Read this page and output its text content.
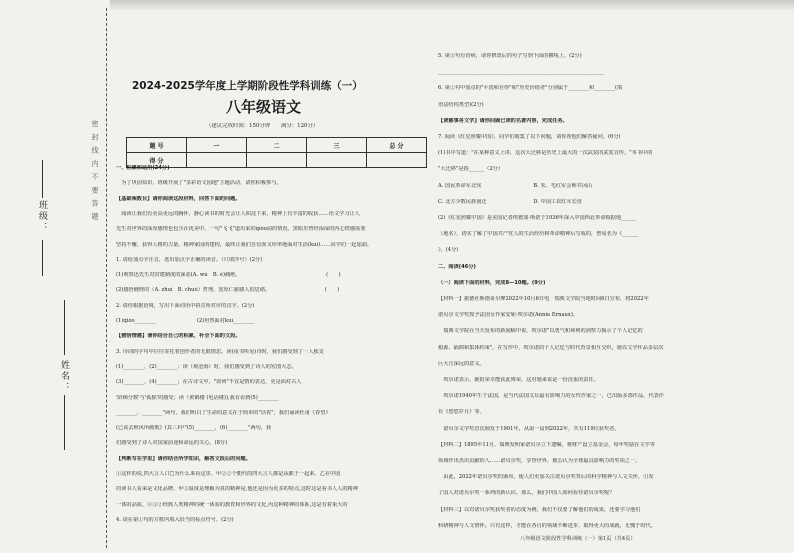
班级：
姓名：
密 封 线 内 不 要 答 题
2024-2025学年度上学期阶段性学科训练（一）
八年级语文
（建议完成时间：150分钟　　满分：120分）
题 号	一	二	三	总 分
得 分				
一、积累和运用(24分)
　为了巩固知识，班级开展了"多彩语文园地"主题活动，请你积极参与。
【基础乘数目】请你阅读这段材料，回答下面的问题。
　阅读让我们有更高更远的胸怀，静心读书的时光会让人积淀下来，精神上有丰富的收获……语文学习让人
先生对世界的深厚感情也包含在优美中。一句"飞飞"道出来的qióo前的情况。黑暗里曾经深深的内心情感需要
坚持不懈，获得人格的力量、精神家园的建构，最终让我们自信而又坦率地面对生活(kuì)……同学们一起加油。
1. 请给加点字注音，选出加点字正确的读音。（只填序号）(2分)
(1)观察迅先生对封建制度的深恶(A. wù　B. è)痛绝。　　　　　　　　　　　　　　　　　(　　)
(2)感悟缠绕的（A. zhuì　B. chuò）哲理，宽厚仁慈感人的思绪。　　　　　　　　　　　(　　)
2. 请你根据语境，写出下面词语中拼音所对应的汉字。(2分)
(1)qióo________　　　　　　　　(2)坦然面对kuì________
【感悟情感】请你结合自己的积累，补全下面的文段。
3. 诗词的字句中往往寄托着创作者的无限情思。读(夜书所见)诗时，我们感受到了一人独支
(1)________，(2)________；读（观沧海）时，我们感受到了诗人的宏图大志，
(3)________，(4)________；在古诗文中，"如何"不仅是情的表达，更是面对古人
'阶梯分数'与'孤独'的感受；读（黄鹤楼 (电话楼)),我有看到(5)________
________，________"两句，我们明白了生命的意义在于简单的"活着"，我们诵读杜甫《春望》
(已丧去秋风所破歌》(其三)中"(5)________，(6)________"两句，我
们感受到了诗人对国家前途和命运的关心。(8分)
【判断写在学里】请你结合所学知识，解答文段后的问题。
①这样的说,四大言人口□为什么来看这里。甲②②个朝代的四大言人都是从都于一起来。乙在中国
的读书人看来是文化品牌。甲③温度是理解为真的精神是,他还是因为更多的特点,这时这是看书人人的精神
一体的品质，④③②经典人类精神的统一体验的教育和世界的文化,丙这种精神的体系,这是有着重大的
4. 请在第①句的方框内填入恰当的标点符号。(2分)
5. 第③句有语病，请你修改后的句子写到下面的横线上。(2分)
________________________________________________________________
6. 第②句中加点的"平淡和自得"和"历史价值者"分别属于________和________(填
语法结构类型)(2分)
【读慈事务文学】请你回顾已读的名著内容，完成任务。
7. 阅读《红星照耀中国》，同学们收集了以下问题，请你帮他们解答疑问。(6分)
(1)书中写道："在某种意义上讲，这次大迁移是历史上最大的一次武装的武装宣传。"本书中的
"大迁移"是指______（2分）
A. 国民革命军北伐　　　　　　　　　　B. 朱、毛红军会师井冈山
C. 北方少数民族南迁　　　　　　　　　D. 中国工农红军长征
(2)《红星照耀中国》是美国记者埃德加·斯诺于1936年深入中国西北革命根据地______
（地名），切实了解了中国共产党人的生活经历和革命精神后写成的，曾易名为《______
》。(4分)
二、阅读(46分)
（一）阅读下面的材料，完成8—10题。(9分)
【材料一】据德社斯德哥尔摩2022年10月6日电　瑞典文学院当地时间6日宣布，将2022年
诺贝尔文学奖授予法国女作家安妮·埃尔诺(Annie Ernaux)。
　瑞典文学院在当天发布的新闻稿中说，埃尔诺"以勇气和犀利的洞察力揭示了个人记忆的
根源、隔阂和集体约束"。在写作中，埃尔诺的个人记忆与时代背景相互交织，她以文学作品多层次
巨大且深远的意义。
　埃尔诺表示，她很荣幸能获此殊荣，这对她来说是一份沉重的责任。
　埃尔诺1940年生于法国，是当代法国文坛最有影响力的女性作家之一，已出版多部作品，代表作
有《悠悠岁月》等。
　诺贝尔文学奖首次颁发于1901年，从第一届到2022年，共有119位获奖者。
【材料二】1895年11月，瑞典发明家诺贝尔立下遗嘱，将财产设立基金会，每年奖励在文学等
领域作出杰出贡献的人……诺贝尔奖，享誉世界，被公认为全球最具影响力的奖项之一。
　由此，2022年诺贝尔奖的颁布，使人们更加关注诺贝尔奖背后的科学精神与人文关怀，引发
了国人对诺贝尔奖一系列的新认识。那么，我们中国人如何看待诺贝尔奖呢？
【材料三】以对诺贝尔奖获奖者的态度为例，我们不仅要了解他们的成果，还要学习他们
科研精神与人文情怀。只有这样，才能在各自的领域不断进步，取得更大的成就，无愧于时代。
八年级语文阶段性学科训练（一）第1页（共4页）
